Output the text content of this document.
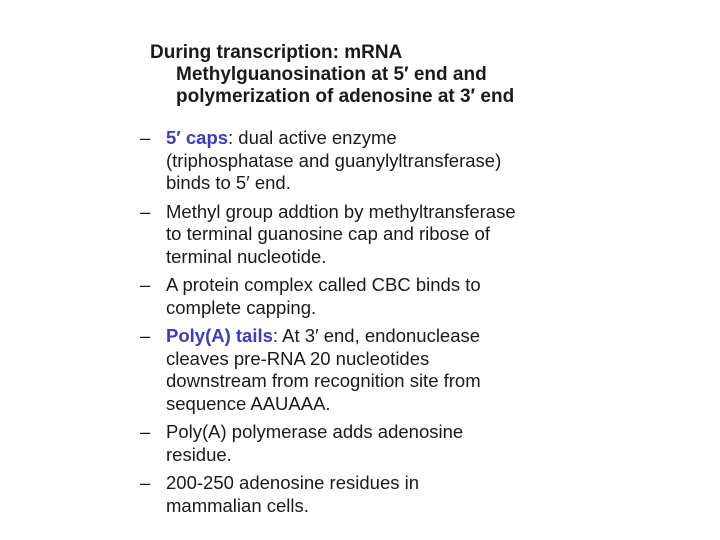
During transcription: mRNA
Methylguanosination at 5′ end and
polymerization of adenosine at 3′ end
– 5′ caps: dual active enzyme
(triphosphatase and guanylyltransferase)
binds to 5′ end.
– Methyl group addtion by methyltransferase
to terminal guanosine cap and ribose of
terminal nucleotide.
– A protein complex called CBC binds to
complete capping.
– Poly(A) tails: At 3′ end, endonuclease
cleaves pre-RNA 20 nucleotides
downstream from recognition site from
sequence AAUAAA.
– Poly(A) polymerase adds adenosine
residue.
– 200-250 adenosine residues in
mammalian cells.
